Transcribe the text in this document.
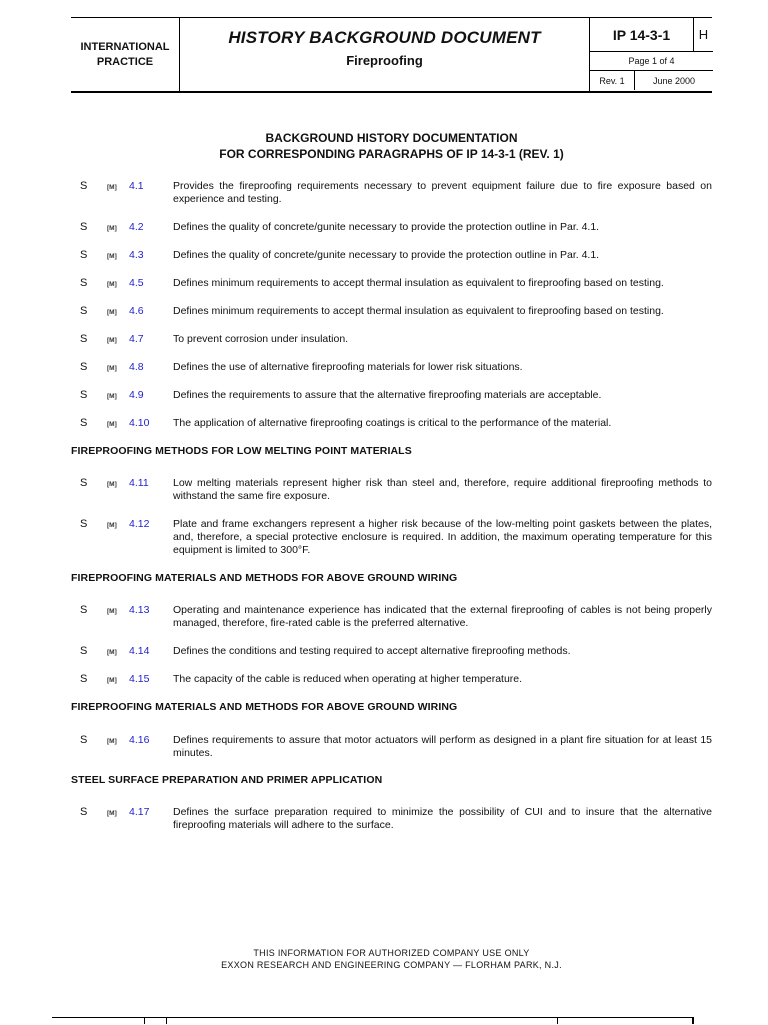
INTERNATIONAL
PRACTICE
HISTORY BACKGROUND DOCUMENT
Fireproofing
IP 14-3-1	H
Page 1 of 4
Rev. 1	June 2000
BACKGROUND HISTORY DOCUMENTATION
FOR CORRESPONDING PARAGRAPHS OF IP 14-3-1 (REV. 1)
S	[M] 4.1	Provides the fireproofing requirements necessary to prevent equipment failure due to fire exposure based on experience and testing.
S	[M] 4.2	Defines the quality of concrete/gunite necessary to provide the protection outline in Par. 4.1.
S	[M] 4.3	Defines the quality of concrete/gunite necessary to provide the protection outline in Par. 4.1.
S	[M] 4.5	Defines minimum requirements to accept thermal insulation as equivalent to fireproofing based on testing.
S	[M] 4.6	Defines minimum requirements to accept thermal insulation as equivalent to fireproofing based on testing.
S	[M] 4.7	To prevent corrosion under insulation.
S	[M] 4.8	Defines the use of alternative fireproofing materials for lower risk situations.
S	[M] 4.9	Defines the requirements to assure that the alternative fireproofing materials are acceptable.
S	[M] 4.10 The application of alternative fireproofing coatings is critical to the performance of the material.
FIREPROOFING METHODS FOR LOW MELTING POINT MATERIALS
S	[M] 4.11 Low melting materials represent higher risk than steel and, therefore, require additional fireproofing methods to withstand the same fire exposure.
S	[M] 4.12 Plate and frame exchangers represent a higher risk because of the low-melting point gaskets between the plates, and, therefore, a special protective enclosure is required. In addition, the maximum operating temperature for this equipment is limited to 300°F.
FIREPROOFING MATERIALS AND METHODS FOR ABOVE GROUND WIRING
S	[M] 4.13 Operating and maintenance experience has indicated that the external fireproofing of cables is not being properly managed, therefore, fire-rated cable is the preferred alternative.
S	[M] 4.14 Defines the conditions and testing required to accept alternative fireproofing methods.
S	[M] 4.15 The capacity of the cable is reduced when operating at higher temperature.
FIREPROOFING MATERIALS AND METHODS FOR ABOVE GROUND WIRING
S	[M] 4.16 Defines requirements to assure that motor actuators will perform as designed in a plant fire situation for at least 15 minutes.
STEEL SURFACE PREPARATION AND PRIMER APPLICATION
S	[M] 4.17 Defines the surface preparation required to minimize the possibility of CUI and to insure that the alternative fireproofing materials will adhere to the surface.
THIS INFORMATION FOR AUTHORIZED COMPANY USE ONLY
EXXON RESEARCH AND ENGINEERING COMPANY — FLORHAM PARK, N.J.
